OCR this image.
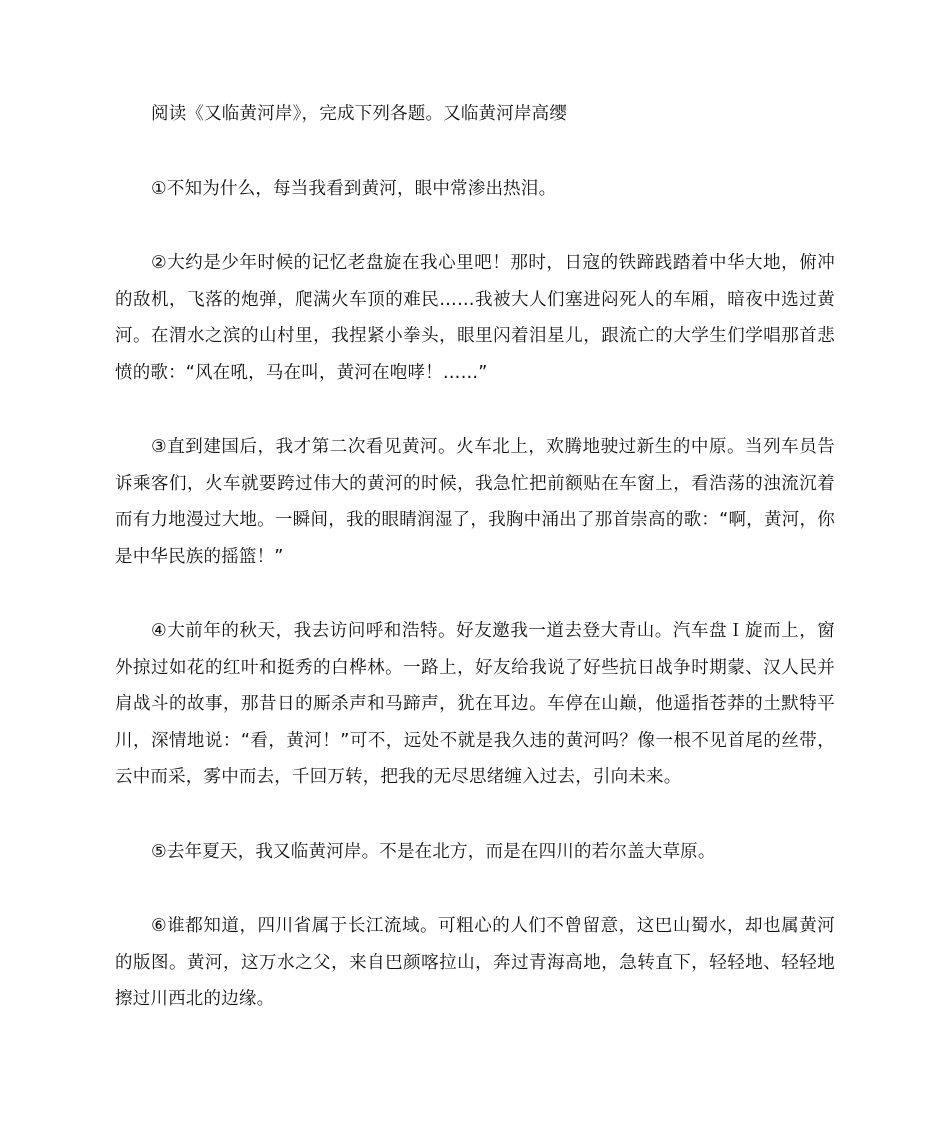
阅读《又临黄河岸》，完成下列各题。又临黄河岸高缨

①不知为什么，每当我看到黄河，眼中常渗出热泪。

②大约是少年时候的记忆老盘旋在我心里吧！那时，日寇的铁蹄践踏着中华大地，俯冲的敌机，飞落的炮弹，爬满火车顶的难民……我被大人们塞进闷死人的车厢，暗夜中选过黄河。在渭水之滨的山村里，我捏紧小拳头，眼里闪着泪星儿，跟流亡的大学生们学唱那首悲愤的歌：“风在吼，马在叫，黄河在咆哮！……”

③直到建国后，我才第二次看见黄河。火车北上，欢腾地驶过新生的中原。当列车员告诉乘客们，火车就要跨过伟大的黄河的时候，我急忙把前额贴在车窗上，看浩荡的浊流沉着而有力地漫过大地。一瞬间，我的眼睛润湿了，我胸中涌出了那首崇高的歌：“啊，黄河，你是中华民族的摇篮！”

④大前年的秋天，我去访问呼和浩特。好友邀我一道去登大青山。汽车盘Ｉ旋而上，窗外掠过如花的红叶和挺秀的白桦林。一路上，好友给我说了好些抗日战争时期蒙、汉人民并肩战斗的故事，那昔日的厮杀声和马蹄声，犹在耳边。车停在山巅，他遥指苍莽的土默特平川，深情地说：“看，黄河！”可不，远处不就是我久违的黄河吗？像一根不见首尾的丝带，云中而采，雾中而去，千回万转，把我的无尽思绪缠入过去，引向未来。

⑤去年夏天，我又临黄河岸。不是在北方，而是在四川的若尔盖大草原。

⑥谁都知道，四川省属于长江流域。可粗心的人们不曾留意，这巴山蜀水，却也属黄河的版图。黄河，这万水之父，来自巴颜喀拉山，奔过青海高地，急转直下，轻轻地、轻轻地擦过川西北的边缘。
